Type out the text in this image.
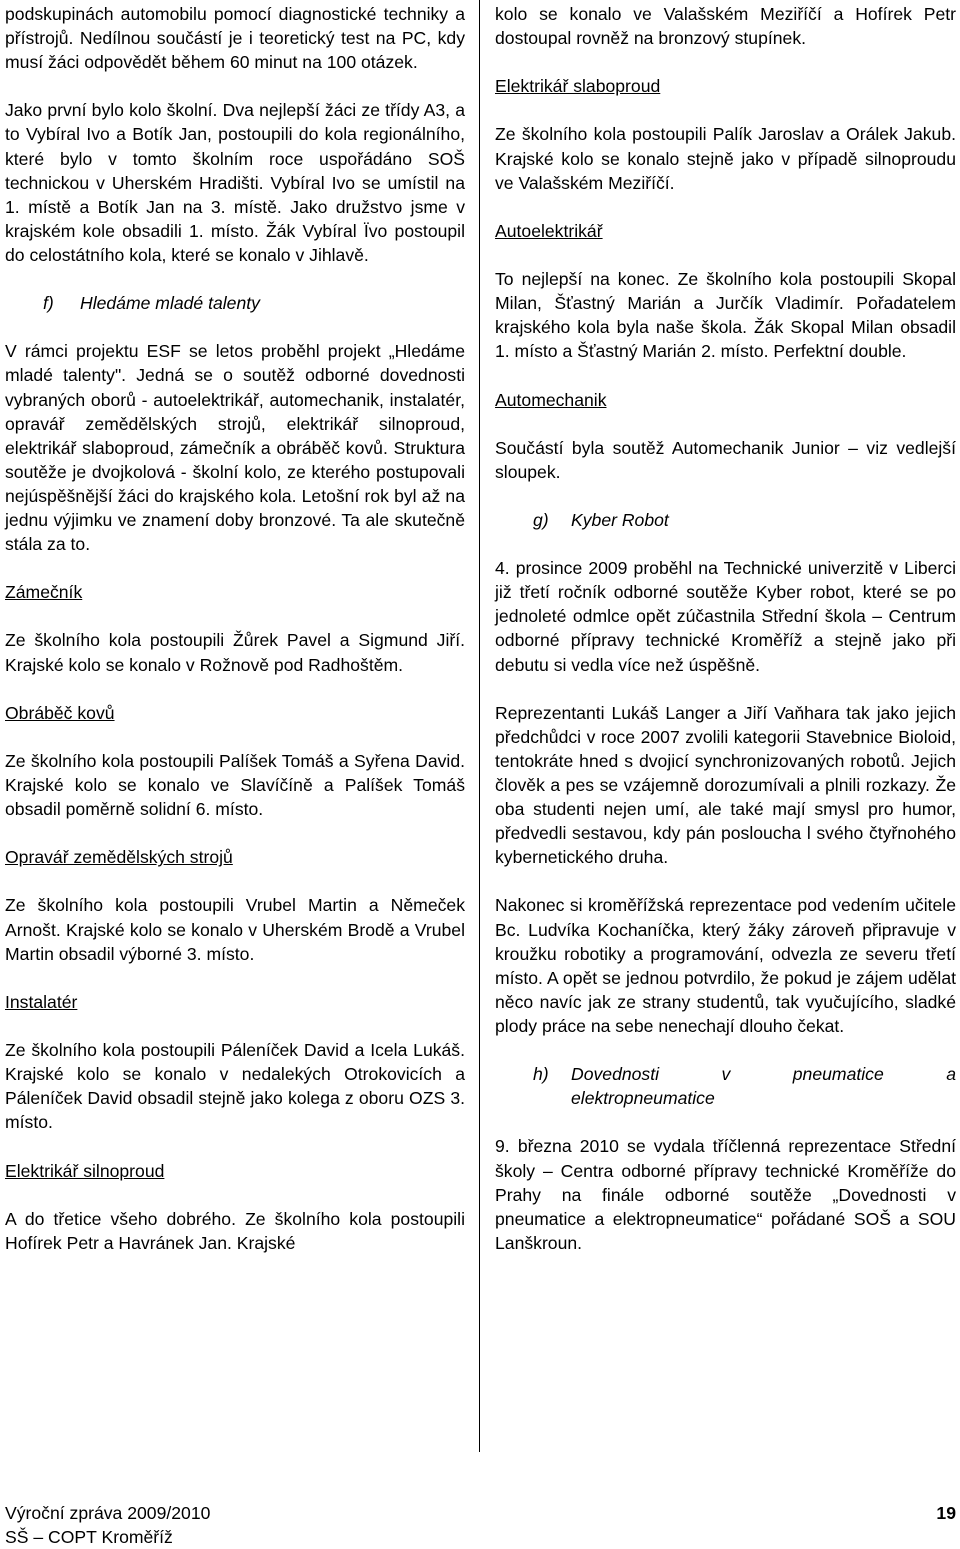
podskupinách automobilu pomocí diagnostické techniky a přístrojů. Nedílnou součástí je i teoretický test na PC, kdy musí žáci odpovědět během 60 minut na 100 otázek.

Jako první bylo kolo školní. Dva nejlepší žáci ze třídy A3, a to Vybíral Ivo a Botík Jan, postoupili do kola regionálního, které bylo v tomto školním roce uspořádáno SOŠ technickou v Uherském Hradišti. Vybíral Ivo se umístil na 1. místě a Botík Jan na 3. místě. Jako družstvo jsme v krajském kole obsadili 1. místo. Žák Vybíral Ïvo postoupil do celostátního kola, které se konalo v Jihlavě.

f)	Hledáme mladé talenty

V rámci projektu ESF se letos proběhl projekt „Hledáme mladé talenty". Jedná se o soutěž odborné dovednosti vybraných oborů - autoelektrikář, automechanik, instalatér, opravář zemědělských strojů, elektrikář silnoproud, elektrikář slaboproud, zámečník a obráběč kovů. Struktura soutěže je dvojkolová - školní kolo, ze kterého postupovali nejúspěšnější žáci do krajského kola. Letošní rok byl až na jednu výjimku ve znamení doby bronzové. Ta ale skutečně stála za to.

Zámečník

Ze školního kola postoupili Žůrek Pavel a Sigmund Jiří. Krajské kolo se konalo v Rožnově pod Radhoštěm.

Obráběč kovů

Ze školního kola postoupili Palíšek Tomáš a Syřena David. Krajské kolo se konalo ve Slavíčíně a Palíšek Tomáš obsadil poměrně solidní 6. místo.

Opravář zemědělských strojů

Ze školního kola postoupili Vrubel Martin a Němeček Arnošt. Krajské kolo se konalo v Uherském Brodě a Vrubel Martin obsadil výborné 3. místo.

Instalatér

Ze školního kola postoupili Páleníček David a Icela Lukáš. Krajské kolo se konalo v nedalekých Otrokovicích a Páleníček David obsadil stejně jako kolega z oboru OZS 3. místo.

Elektrikář silnoproud

A do třetice všeho dobrého. Ze školního kola postoupili Hofírek Petr a Havránek Jan. Krajské

kolo se konalo ve Valašském Meziříčí a Hofírek Petr dostoupal rovněž na bronzový stupínek.

Elektrikář slaboproud

Ze školního kola postoupili Palík Jaroslav a Orálek Jakub. Krajské kolo se konalo stejně jako v případě silnoproudu ve Valašském Meziříčí.

Autoelektrikář

To nejlepší na konec. Ze školního kola postoupili Skopal Milan, Šťastný Marián a Jurčík Vladimír. Pořadatelem krajského kola byla naše škola. Žák Skopal Milan obsadil 1. místo a Šťastný Marián 2. místo. Perfektní double.

Automechanik

Součástí byla soutěž Automechanik Junior – viz vedlejší sloupek.

g)	Kyber Robot

4. prosince 2009 proběhl na Technické univerzitě v Liberci již třetí ročník odborné soutěže Kyber robot, které se po jednoleté odmlce opět zúčastnila Střední škola – Centrum odborné přípravy technické Kroměříž a stejně jako při debutu si vedla více než úspěšně.

Reprezentanti Lukáš Langer a Jiří Vaňhara tak jako jejich předchůdci v roce 2007 zvolili kategorii Stavebnice Bioloid, tentokráte hned s dvojicí synchronizovaných robotů. Jejich člověk a pes se vzájemně dorozumívali a plnili rozkazy. Že oba studenti nejen umí, ale také mají smysl pro humor, předvedli sestavou, kdy pán posloucha l svého čtyřnohého kybernetického druha.

Nakonec si kroměřížská reprezentace pod vedením učitele Bc. Ludvíka Kochaníčka, který žáky zároveň připravuje v kroužku robotiky a programování, odvezla ze severu třetí místo. A opět se jednou potvrdilo, že pokud je zájem udělat něco navíc jak ze strany studentů, tak vyučujícího, sladké plody práce na sebe nenechají dlouho čekat.

h)	Dovednosti v pneumatice a
elektropneumatice

9. března 2010 se vydala tříčlenná reprezentace Střední školy – Centra odborné přípravy technické Kroměříže do Prahy na finále odborné soutěže „Dovednosti v pneumatice a elektropneumatice“ pořádané SOŠ a SOU Lanškroun.

Výroční zpráva 2009/2010
SŠ – COPT Kroměříž
19
